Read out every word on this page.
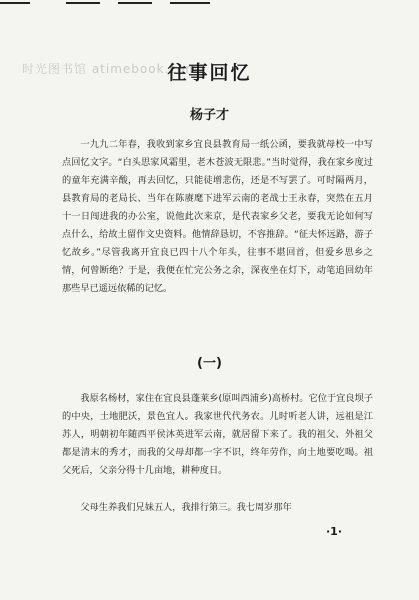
时光图书馆 atimebook.com
往事回忆
杨子才
一九九二年春，我收到家乡宜良县教育局一纸公函，要我就母校一中写点回忆文字。“白头思家风霜里，老木苍波无限悲。”当时觉得，我在家乡度过的童年充满辛酸，再去回忆，只能徒增悲伤，还是不写罢了。可时隔两月，县教育局的老局长、当年在陈赓麾下进军云南的老战士王永春，突然在五月十一日闯进我的办公室，说他此次来京，是代表家乡父老，要我无论如何写点什么，给故土留作文史资料。他情辞恳切，不容推辞。“征夫怀远路，游子忆故乡。”尽管我离开宜良已四十八个年头，往事不堪回首，但爱乡思乡之情，何曾断绝？于是，我便在忙完公务之余，深夜坐在灯下，动笔追回幼年那些早已遥远依稀的记忆。
(一)
我原名杨材，家住在宜良县蓬莱乡(原叫西浦乡)高桥村。它位于宜良坝子的中央，土地肥沃，景色宜人。我家世代代务农。儿时听老人讲，远祖是江苏人，明朝初年随西平侯沐英进军云南，就居留下来了。我的祖父、外祖父都是清末的秀才，而我的父母却都一字不识，终年劳作，向土地要吃喝。祖父死后，父亲分得十几亩地，耕种度日。
父母生养我们兄妹五人，我排行第三。我七周岁那年
·1·
